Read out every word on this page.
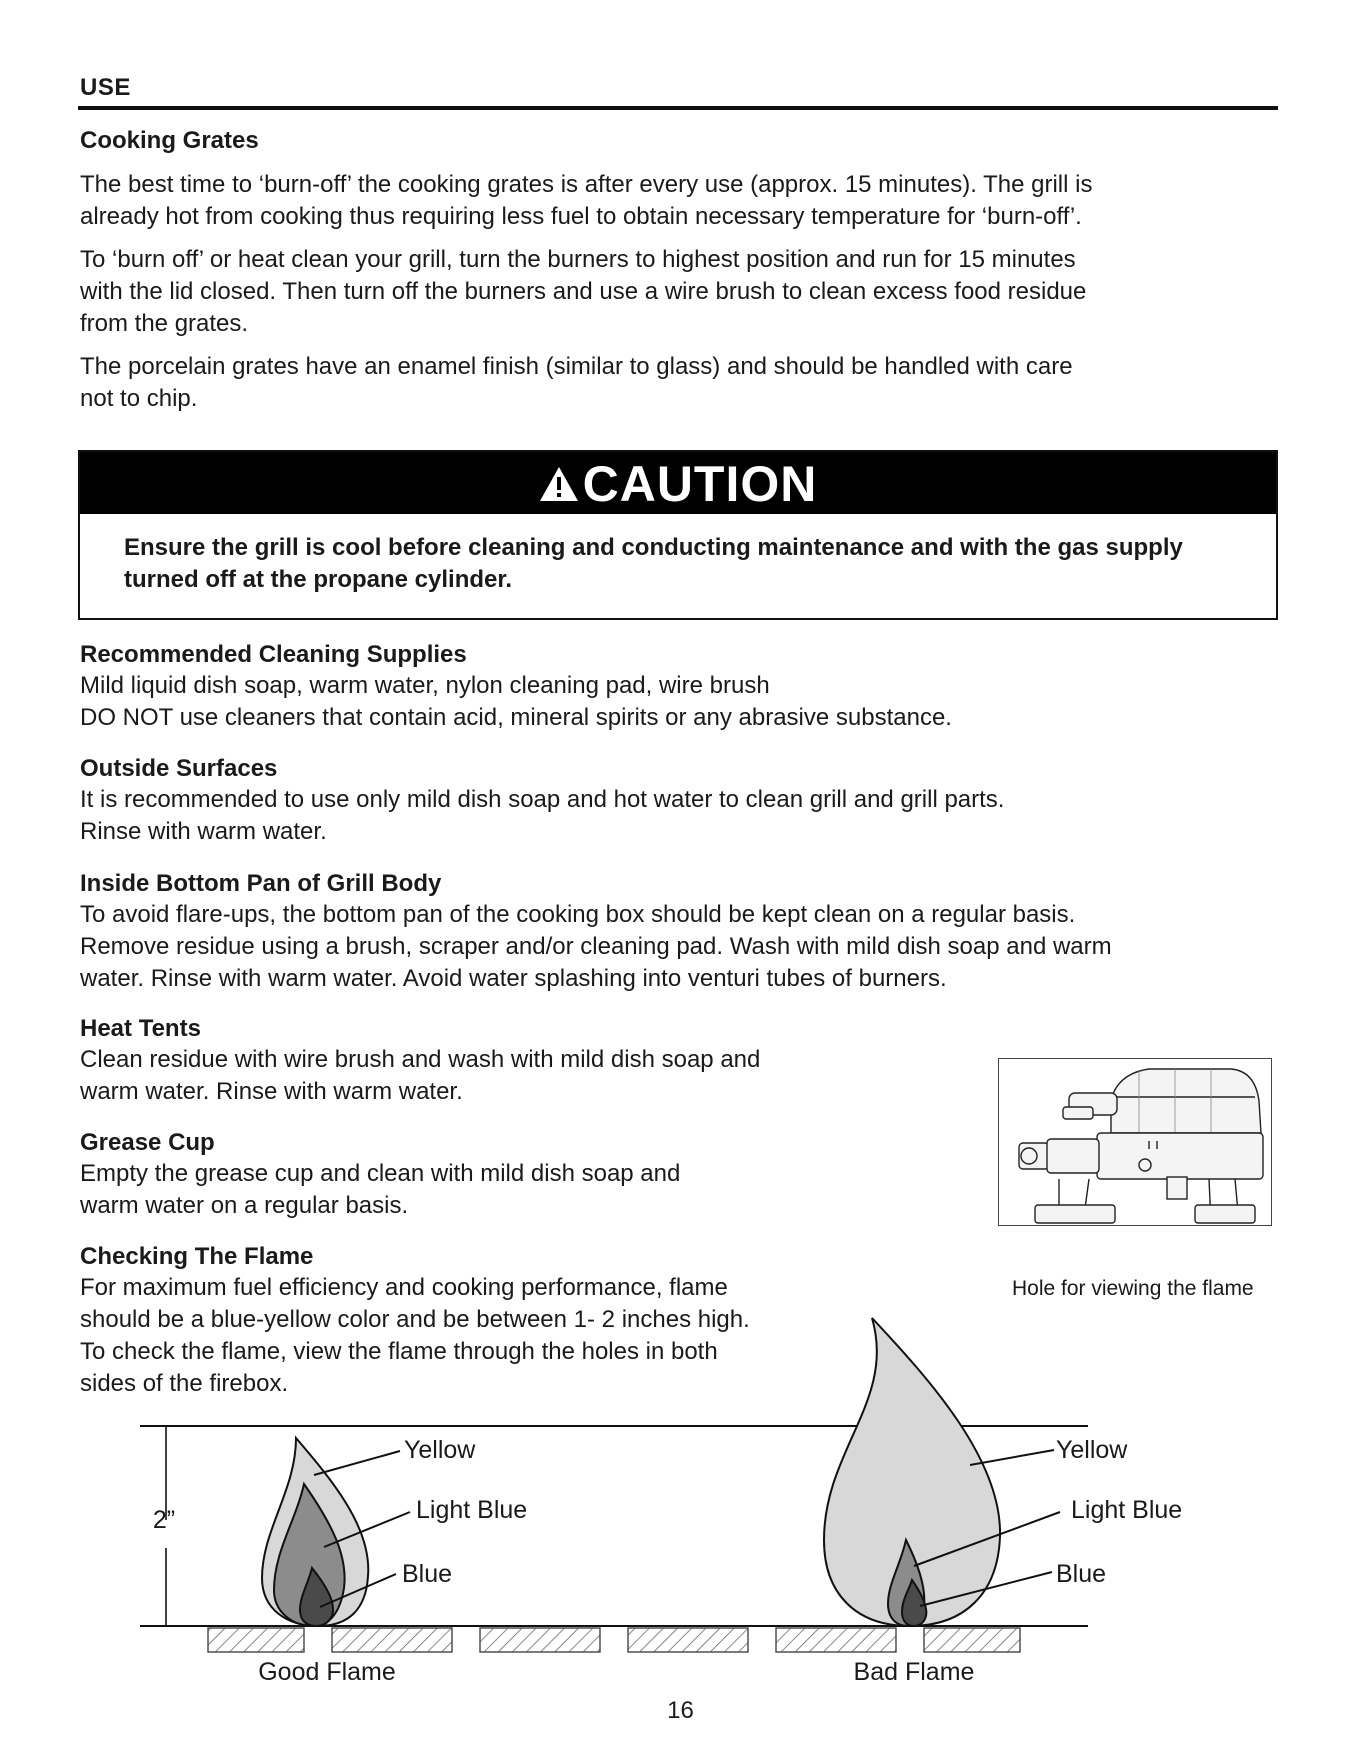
USE

Cooking Grates

The best time to ‘burn-off’ the cooking grates is after every use (approx. 15 minutes). The grill is

already hot from cooking thus requiring less fuel to obtain necessary temperature for ‘burn-off’.

To ‘burn off’ or heat clean your grill, turn the burners to highest position and run for 15 minutes

with the lid closed. Then turn off the burners and use a wire brush to clean excess food residue

from the grates.

The porcelain grates have an enamel finish (similar to glass) and should be handled with care

not to chip.

CAUTION
Ensure the grill is cool before cleaning and conducting maintenance and with the gas supply
turned off at the propane cylinder.

Recommended Cleaning Supplies

Mild liquid dish soap, warm water, nylon cleaning pad, wire brush

DO NOT use cleaners that contain acid, mineral spirits or any abrasive substance.

Outside Surfaces

It is recommended to use only mild dish soap and hot water to clean grill and grill parts.

Rinse with warm water.

Inside Bottom Pan of Grill Body

To avoid flare-ups, the bottom pan of the cooking box should be kept clean on a regular basis.

Remove residue using a brush, scraper and/or cleaning pad. Wash with mild dish soap and warm

water. Rinse with warm water. Avoid water splashing into venturi tubes of burners.

Heat Tents

Clean residue with wire brush and wash with mild dish soap and

warm water. Rinse with warm water.

Grease Cup

Empty the grease cup and clean with mild dish soap and

warm water on a regular basis.

Checking The Flame

For maximum fuel efficiency and cooking performance, flame

should be a blue-yellow color and be between 1- 2 inches high.

To check the flame, view the flame through the holes in both

sides of the firebox.

Yellow
Light Blue
Blue
2”
Good Flame
Yellow
Light Blue
Blue
Bad Flame
Hole for viewing the flame
16
